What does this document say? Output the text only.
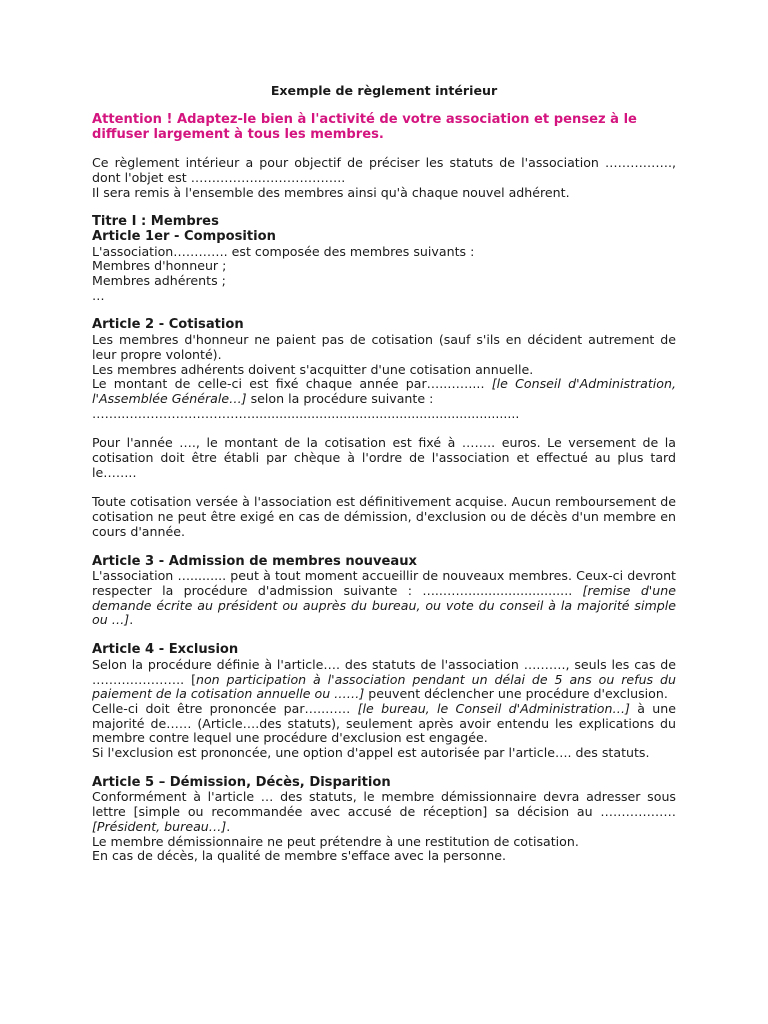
Exemple de règlement intérieur

Attention ! Adaptez-le bien à l'activité de votre association et pensez à le diffuser largement à tous les membres.

Ce règlement intérieur a pour objectif de préciser les statuts de l'association ……………., dont l'objet est ……………..………………..

Il sera remis à l'ensemble des membres ainsi qu'à chaque nouvel adhérent.

Titre I : Membres

Article 1er - Composition

L'association…………. est composée des membres suivants :
Membres d'honneur ;
Membres adhérents ;
…

Article 2 - Cotisation

Les membres d'honneur ne paient pas de cotisation (sauf s'ils en décident autrement de leur propre volonté).

Les membres adhérents doivent s'acquitter d'une cotisation annuelle.

Le montant de celle-ci est fixé chaque année par…..……... [le Conseil d'Administration, l'Assemblée Générale…] selon la procédure suivante :

……..…………………………...................................................................

Pour l'année …., le montant de la cotisation est fixé à …….. euros. Le versement de la cotisation doit être établi par chèque à l'ordre de l'association et effectué au plus tard le……..

Toute cotisation versée à l'association est définitivement acquise. Aucun remboursement de cotisation ne peut être exigé en cas de démission, d'exclusion ou de décès d'un membre en cours d'année.

Article 3 - Admission de membres nouveaux

L'association …......... peut à tout moment accueillir de nouveaux membres. Ceux-ci devront respecter la procédure d'admission suivante : …..…….......................... [remise d'une demande écrite au président ou auprès du bureau, ou vote du conseil à la majorité simple ou …].

Article 4 - Exclusion

Selon la procédure définie à l'article…. des statuts de l'association ………., seuls les cas de …………………. [non participation à l'association pendant un délai de 5 ans ou refus du paiement de la cotisation annuelle ou ……] peuvent déclencher une procédure d'exclusion.

Celle-ci doit être prononcée par…..…… [le bureau, le Conseil d'Administration…] à une majorité de…… (Article….des statuts), seulement après avoir entendu les explications du membre contre lequel une procédure d'exclusion est engagée.

Si l'exclusion est prononcée, une option d'appel est autorisée par l'article…. des statuts.

Article 5 – Démission, Décès, Disparition

Conformément à l'article … des statuts, le membre démissionnaire devra adresser sous lettre [simple ou recommandée avec accusé de réception] sa décision au ……………… [Président, bureau…].

Le membre démissionnaire ne peut prétendre à une restitution de cotisation.

En cas de décès, la qualité de membre s'efface avec la personne.
